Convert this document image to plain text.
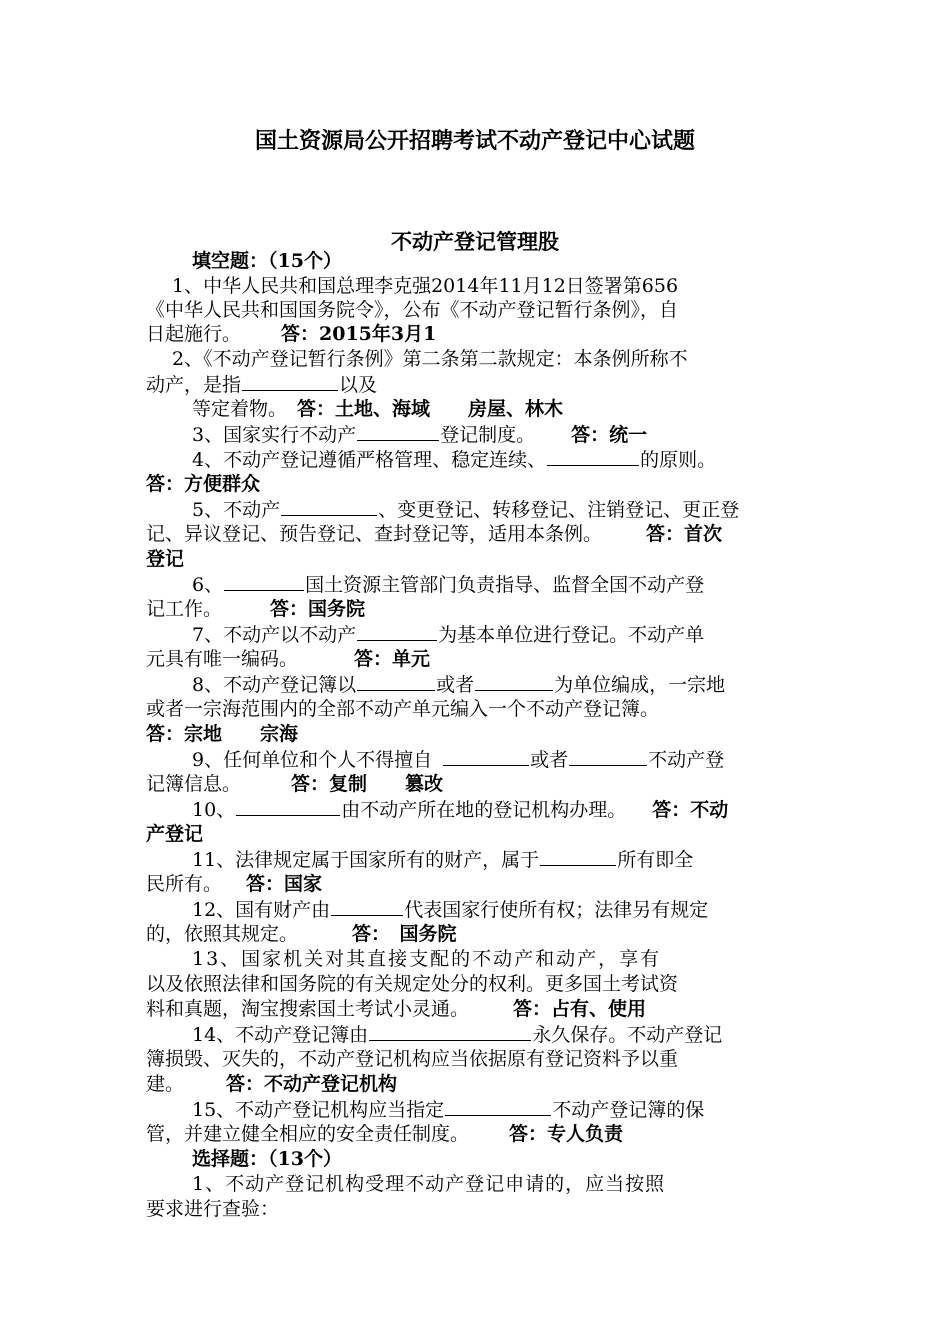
国土资源局公开招聘考试不动产登记中心试题
不动产登记管理股
填空题：（15个）
1、中华人民共和国总理李克强2014年11月12日签署第656
《中华人民共和国国务院令》，公布《不动产登记暂行条例》，自
日起施行。 答：2015年3月1
2、《不动产登记暂行条例》第二条第二款规定：本条例所称不
动产，是指	以及
等定着物。 答：土地、海域　　房屋、林木
3、国家实行不动产	登记制度。 答：统一
4、不动产登记遵循严格管理、稳定连续、	的原则。
答：方便群众
5、不动产	、变更登记、转移登记、注销登记、更正登
记、异议登记、预告登记、查封登记等，适用本条例。 答：首次
登记
6、	国土资源主管部门负责指导、监督全国不动产登
记工作。	答：国务院
7、不动产以不动产	为基本单位进行登记。不动产单
元具有唯一编码。	答：单元
8、不动产登记簿以	或者	为单位编成，一宗地
或者一宗海范围内的全部不动产单元编入一个不动产登记簿。
答：宗地　　宗海
9、任何单位和个人不得擅自	或者	不动产登
记簿信息。	答：复制　　篡改
10、	由不动产所在地的登记机构办理。 答：不动
产登记
11、法律规定属于国家所有的财产，属于	所有即全
民所有。 答：国家
12、国有财产由	代表国家行使所有权；法律另有规定
的，依照其规定。	答：　国务院
13、国家机关对其直接支配的不动产和动产，享有
以及依照法律和国务院的有关规定处分的权利。更多国土考试资
料和真题，淘宝搜索国土考试小灵通。 答：占有、使用
14、不动产登记簿由	永久保存。不动产登记
簿损毁、灭失的，不动产登记机构应当依据原有登记资料予以重
建。 答：不动产登记机构
15、不动产登记机构应当指定	不动产登记簿的保
管，并建立健全相应的安全责任制度。 答：专人负责
选择题：（13个）
1、不动产登记机构受理不动产登记申请的，应当按照
要求进行查验：
